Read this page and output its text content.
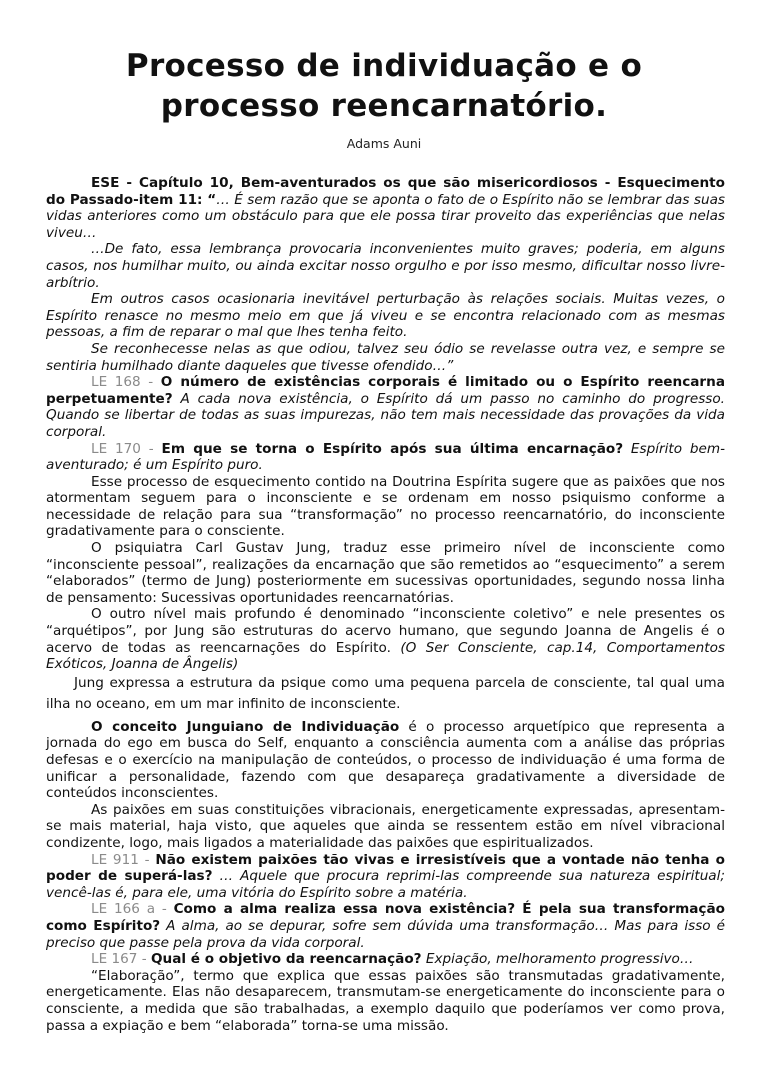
Processo de individuação e o
processo reencarnatório.
Adams Auni

ESE - Capítulo 10, Bem-aventurados os que são misericordiosos - Esquecimento do Passado-item 11: “… É sem razão que se aponta o fato de o Espírito não se lembrar das suas vidas anteriores como um obstáculo para que ele possa tirar proveito das experiências que nelas viveu…

…De fato, essa lembrança provocaria inconvenientes muito graves; poderia, em alguns casos, nos humilhar muito, ou ainda excitar nosso orgulho e por isso mesmo, dificultar nosso livre-arbítrio.

Em outros casos ocasionaria inevitável perturbação às relações sociais. Muitas vezes, o Espírito renasce no mesmo meio em que já viveu e se encontra relacionado com as mesmas pessoas, a fim de reparar o mal que lhes tenha feito.

Se reconhecesse nelas as que odiou, talvez seu ódio se revelasse outra vez, e sempre se sentiria humilhado diante daqueles que tivesse ofendido…”

LE 168 - O número de existências corporais é limitado ou o Espírito reencarna perpetuamente? A cada nova existência, o Espírito dá um passo no caminho do progresso. Quando se libertar de todas as suas impurezas, não tem mais necessidade das provações da vida corporal.

LE 170 - Em que se torna o Espírito após sua última encarnação? Espírito bem-aventurado; é um Espírito puro.

Esse processo de esquecimento contido na Doutrina Espírita sugere que as paixões que nos atormentam seguem para o inconsciente e se ordenam em nosso psiquismo conforme a necessidade de relação para sua “transformação” no processo reencarnatório, do inconsciente gradativamente para o consciente.

O psiquiatra Carl Gustav Jung, traduz esse primeiro nível de inconsciente como “inconsciente pessoal”, realizações da encarnação que são remetidos ao “esquecimento” a serem “elaborados” (termo de Jung) posteriormente em sucessivas oportunidades, segundo nossa linha de pensamento: Sucessivas oportunidades reencarnatórias.

O outro nível mais profundo é denominado “inconsciente coletivo” e nele presentes os “arquétipos”, por Jung são estruturas do acervo humano, que segundo Joanna de Angelis é o acervo de todas as reencarnações do Espírito. (O Ser Consciente, cap.14, Comportamentos Exóticos, Joanna de Ângelis)

Jung expressa a estrutura da psique como uma pequena parcela de consciente, tal qual uma ilha no oceano, em um mar infinito de inconsciente.

O conceito Junguiano de Individuação é o processo arquetípico que representa a jornada do ego em busca do Self, enquanto a consciência aumenta com a análise das próprias defesas e o exercício na manipulação de conteúdos, o processo de individuação é uma forma de unificar a personalidade, fazendo com que desapareça gradativamente a diversidade de conteúdos inconscientes.

As paixões em suas constituições vibracionais, energeticamente expressadas, apresentam-se mais material, haja visto, que aqueles que ainda se ressentem estão em nível vibracional condizente, logo, mais ligados a materialidade das paixões que espiritualizados.

LE 911 - Não existem paixões tão vivas e irresistíveis que a vontade não tenha o poder de superá-las? … Aquele que procura reprimi-las compreende sua natureza espiritual; vencê-las é, para ele, uma vitória do Espírito sobre a matéria.

LE 166 a - Como a alma realiza essa nova existência? É pela sua transformação como Espírito? A alma, ao se depurar, sofre sem dúvida uma transformação… Mas para isso é preciso que passe pela prova da vida corporal.

LE 167 - Qual é o objetivo da reencarnação? Expiação, melhoramento progressivo…

“Elaboração”, termo que explica que essas paixões são transmutadas gradativamente, energeticamente. Elas não desaparecem, transmutam-se energeticamente do inconsciente para o consciente, a medida que são trabalhadas, a exemplo daquilo que poderíamos ver como prova, passa a expiação e bem “elaborada” torna-se uma missão.
